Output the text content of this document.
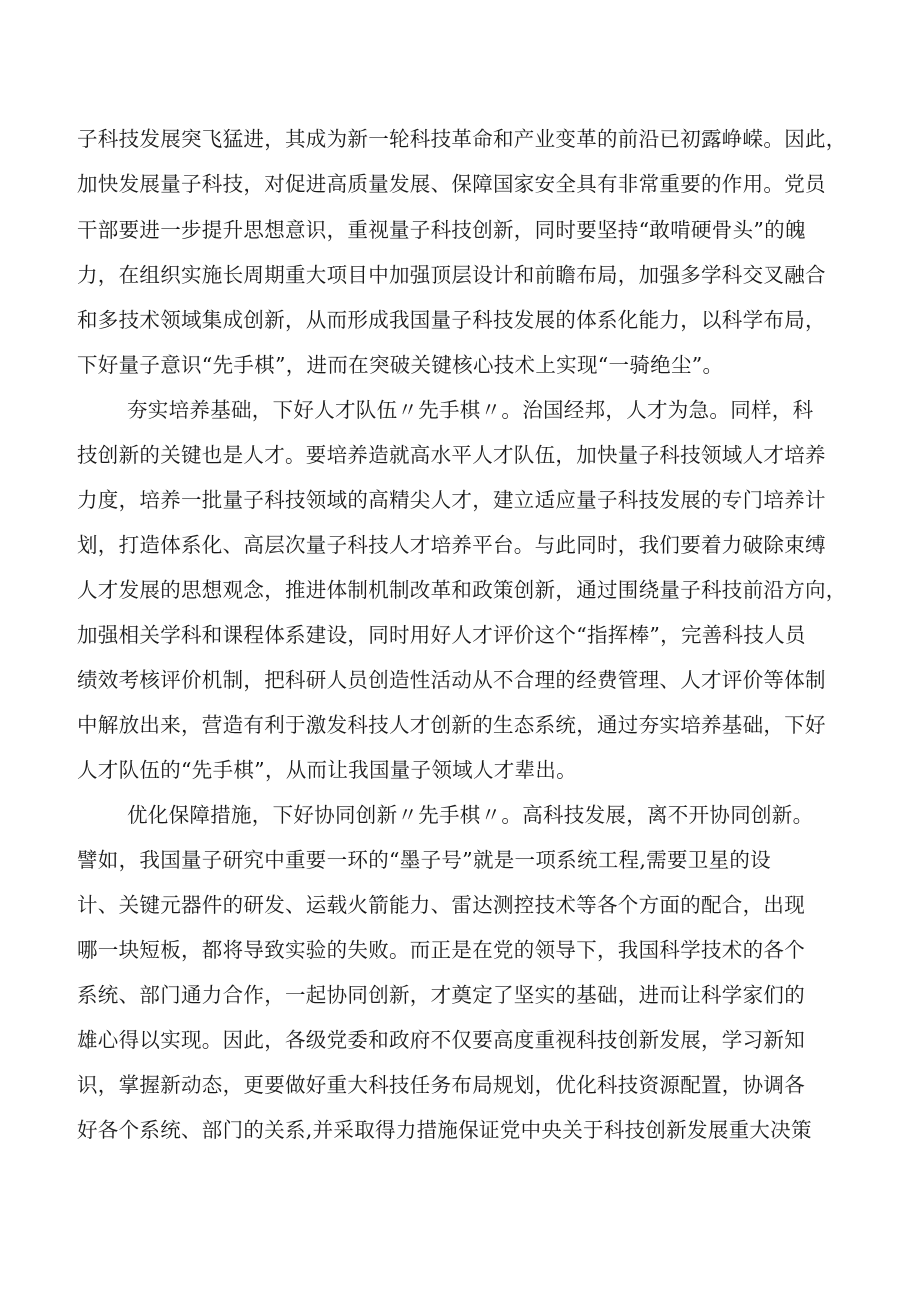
子科技发展突飞猛进，其成为新一轮科技革命和产业变革的前沿已初露峥嵘。因此，
加快发展量子科技，对促进高质量发展、保障国家安全具有非常重要的作用。党员
干部要进一步提升思想意识，重视量子科技创新，同时要坚持“敢啃硬骨头”的魄
力，在组织实施长周期重大项目中加强顶层设计和前瞻布局，加强多学科交叉融合
和多技术领域集成创新，从而形成我国量子科技发展的体系化能力，以科学布局，
下好量子意识“先手棋”，进而在突破关键核心技术上实现“一骑绝尘”。
夯实培养基础，下好人才队伍〃先手棋〃。治国经邦，人才为急。同样，科
技创新的关键也是人才。要培养造就高水平人才队伍，加快量子科技领域人才培养
力度，培养一批量子科技领域的高精尖人才，建立适应量子科技发展的专门培养计
划，打造体系化、高层次量子科技人才培养平台。与此同时，我们要着力破除束缚
人才发展的思想观念，推进体制机制改革和政策创新，通过围绕量子科技前沿方向，
加强相关学科和课程体系建设，同时用好人才评价这个“指挥棒”，完善科技人员
绩效考核评价机制，把科研人员创造性活动从不合理的经费管理、人才评价等体制
中解放出来，营造有利于激发科技人才创新的生态系统，通过夯实培养基础，下好
人才队伍的“先手棋”，从而让我国量子领域人才辈出。
优化保障措施，下好协同创新〃先手棋〃。高科技发展，离不开协同创新。
譬如，我国量子研究中重要一环的“墨子号”就是一项系统工程,需要卫星的设
计、关键元器件的研发、运载火箭能力、雷达测控技术等各个方面的配合，出现
哪一块短板，都将导致实验的失败。而正是在党的领导下，我国科学技术的各个
系统、部门通力合作，一起协同创新，才奠定了坚实的基础，进而让科学家们的
雄心得以实现。因此，各级党委和政府不仅要高度重视科技创新发展，学习新知
识，掌握新动态，更要做好重大科技任务布局规划，优化科技资源配置，协调各
好各个系统、部门的关系,并采取得力措施保证党中央关于科技创新发展重大决策
